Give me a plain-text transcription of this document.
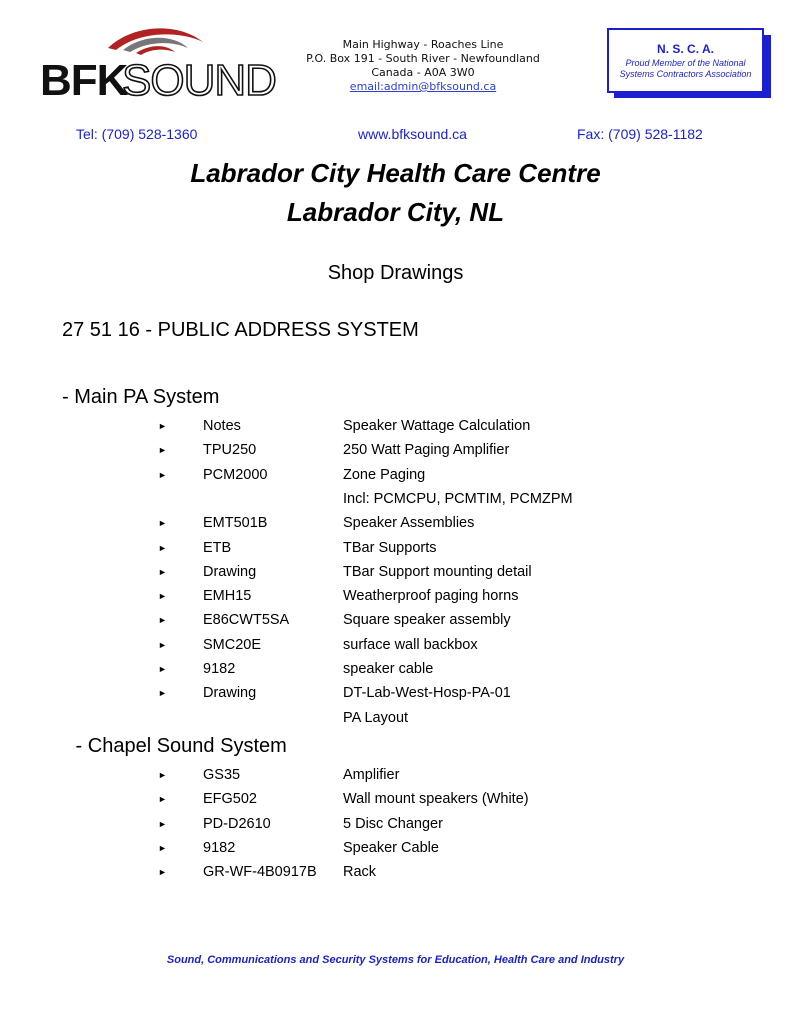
BFK
SOUND
Main Highway - Roaches Line
P.O. Box 191 - South River - Newfoundland
Canada - A0A 3W0
email:admin@bfksound.ca
N. S. C. A.
Proud Member of the National
Systems Contractors Association
Tel: (709) 528-1360	www.bfksound.ca	Fax: (709) 528-1182
Labrador City Health Care Centre
Labrador City, NL
Shop Drawings
27 51 16 - PUBLIC ADDRESS SYSTEM
- Main PA System
► Notes	Speaker Wattage Calculation
► TPU250	250 Watt Paging Amplifier
► PCM2000	Zone Paging
Incl: PCMCPU, PCMTIM, PCMZPM
► EMT501B	Speaker Assemblies
► ETB	TBar Supports
► Drawing	TBar Support mounting detail
► EMH15	Weatherproof paging horns
► E86CWT5SA	Square speaker assembly
► SMC20E	surface wall backbox
► 9182	speaker cable
► Drawing	DT-Lab-West-Hosp-PA-01
PA Layout
- Chapel Sound System
► GS35	Amplifier
► EFG502	Wall mount speakers (White)
► PD-D2610	5 Disc Changer
► 9182	Speaker Cable
► GR-WF-4B0917B Rack
Sound, Communications and Security Systems for Education, Health Care and Industry
